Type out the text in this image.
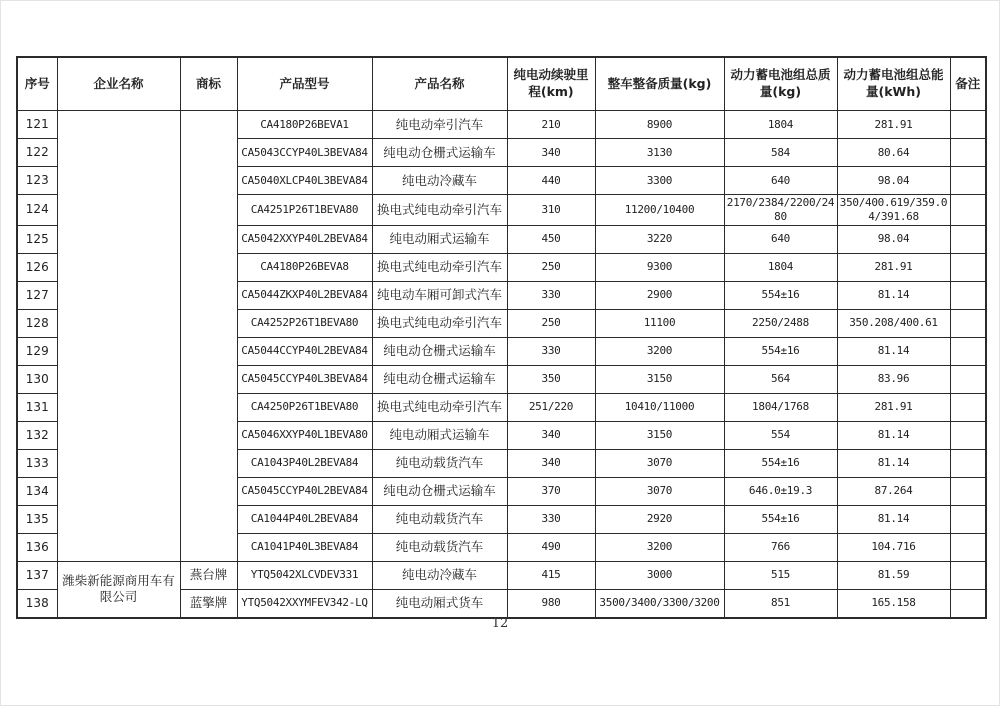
序号	企业名称	商标	产品型号	产品名称	纯电动续驶里程(km)	整车整备质量(kg)	动力蓄电池组总质量(kg)	动力蓄电池组总能量(kWh)	备注
121			CA4180P26BEVA1	纯电动牵引汽车	210	8900	1804	281.91	
122			CA5043CCYP40L3BEVA84	纯电动仓栅式运输车	340	3130	584	80.64	
123			CA5040XLCP40L3BEVA84	纯电动冷藏车	440	3300	640	98.04	
124			CA4251P26T1BEVA80	换电式纯电动牵引汽车	310	11200/10400	2170/2384/2200/2480	350/400.619/359.04/391.68	
125			CA5042XXYP40L2BEVA84	纯电动厢式运输车	450	3220	640	98.04	
126			CA4180P26BEVA8	换电式纯电动牵引汽车	250	9300	1804	281.91	
127			CA5044ZKXP40L2BEVA84	纯电动车厢可卸式汽车	330	2900	554±16	81.14	
128			CA4252P26T1BEVA80	换电式纯电动牵引汽车	250	11100	2250/2488	350.208/400.61	
129			CA5044CCYP40L2BEVA84	纯电动仓栅式运输车	330	3200	554±16	81.14	
130			CA5045CCYP40L3BEVA84	纯电动仓栅式运输车	350	3150	564	83.96	
131			CA4250P26T1BEVA80	换电式纯电动牵引汽车	251/220	10410/11000	1804/1768	281.91	
132			CA5046XXYP40L1BEVA80	纯电动厢式运输车	340	3150	554	81.14	
133			CA1043P40L2BEVA84	纯电动载货汽车	340	3070	554±16	81.14	
134			CA5045CCYP40L2BEVA84	纯电动仓栅式运输车	370	3070	646.0±19.3	87.264	
135			CA1044P40L2BEVA84	纯电动载货汽车	330	2920	554±16	81.14	
136			CA1041P40L3BEVA84	纯电动载货汽车	490	3200	766	104.716	
137	潍柴新能源商用车有限公司	燕台牌	YTQ5042XLCVDEV331	纯电动冷藏车	415	3000	515	81.59	
138		蓝擎牌	YTQ5042XXYMFEV342-LQ	纯电动厢式货车	980	3500/3400/3300/3200	851	165.158	
12
